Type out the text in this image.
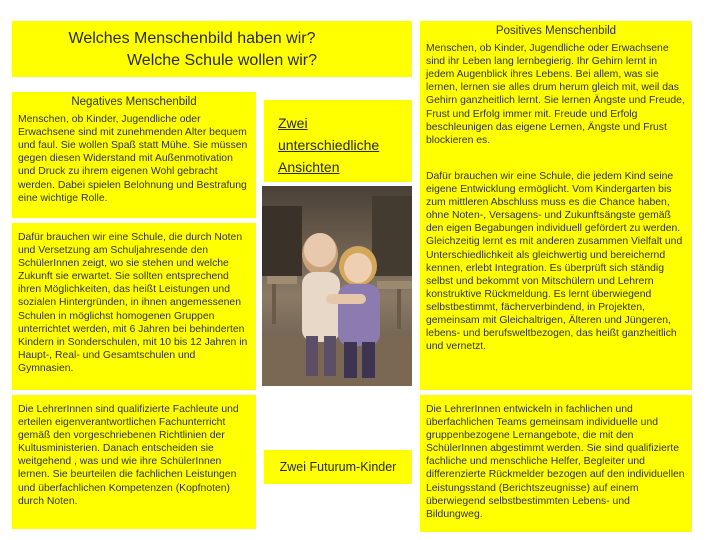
Welches Menschenbild haben wir?
Welche Schule wollen wir?
Negatives Menschenbild
Menschen, ob Kinder, Jugendliche oder Erwachsene sind mit zunehmenden Alter bequem und faul. Sie wollen Spaß statt Mühe. Sie müssen gegen diesen Widerstand mit Außenmotivation und Druck zu ihrem eigenen Wohl gebracht werden. Dabei spielen Belohnung und Bestrafung eine wichtige Rolle.
Dafür brauchen wir eine Schule, die durch Noten und Versetzung am Schuljahresende den SchülerInnen zeigt, wo sie stehen und welche Zukunft sie erwartet. Sie sollten entsprechend ihren Möglichkeiten, das heißt Leistungen und sozialen Hintergründen, in ihnen angemessenen Schulen in möglichst homogenen Gruppen unterrichtet werden, mit 6 Jahren bei behinderten Kindern in Sonderschulen, mit 10 bis 12 Jahren in Haupt-, Real- und Gesamtschulen und Gymnasien.
Die LehrerInnen sind qualifizierte Fachleute und erteilen eigenverantwortlichen Fachunterricht gemäß den vorgeschriebenen Richtlinien der Kultusministerien. Danach entscheiden sie weitgehend , was und wie ihre SchülerInnen lernen. Sie beurteilen die fachlichen Leistungen und überfachlichen Kompetenzen (Kopfnoten) durch Noten.
Zwei
unterschiedliche
Ansichten
Zwei Futurum-Kinder
Positives Menschenbild
Menschen, ob Kinder, Jugendliche oder Erwachsene sind ihr Leben lang lernbegierig. Ihr Gehirn lernt in jedem Augenblick ihres Lebens. Bei allem, was sie lernen, lernen sie alles drum herum gleich mit, weil das Gehirn ganzheitlich lernt. Sie lernen Ängste und Freude, Frust und Erfolg immer mit. Freude und Erfolg beschleunigen das eigene Lernen, Ängste und Frust blockieren es.
Dafür brauchen wir eine Schule, die jedem Kind seine eigene Entwicklung ermöglicht. Vom Kindergarten bis zum mittleren Abschluss muss es die Chance haben, ohne Noten-, Versagens- und Zukunftsängste gemäß den eigen Begabungen individuell gefördert zu werden. Gleichzeitig lernt es mit anderen zusammen Vielfalt und Unterschiedlichkeit als gleichwertig und bereichernd kennen, erlebt Integration. Es überprüft sich ständig selbst und bekommt von Mitschülern und Lehrern konstruktive Rückmeldung. Es lernt überwiegend selbstbestimmt, fächerverbindend, in Projekten, gemeinsam mit Gleichaltrigen, Älteren und Jüngeren, lebens- und berufsweltbezogen, das heißt ganzheitlich und vernetzt.
Die LehrerInnen entwickeln in fachlichen und überfachlichen Teams gemeinsam individuelle und gruppenbezogene Lernangebote, die mit den SchülerInnen abgestimmt werden. Sie sind qualifizierte fachliche und menschliche Helfer, Begleiter und differenzierte Rückmelder bezogen auf den individuellen Leistungsstand (Berichtszeugnisse) auf einem überwiegend selbstbestimmten Lebens- und Bildungweg.
